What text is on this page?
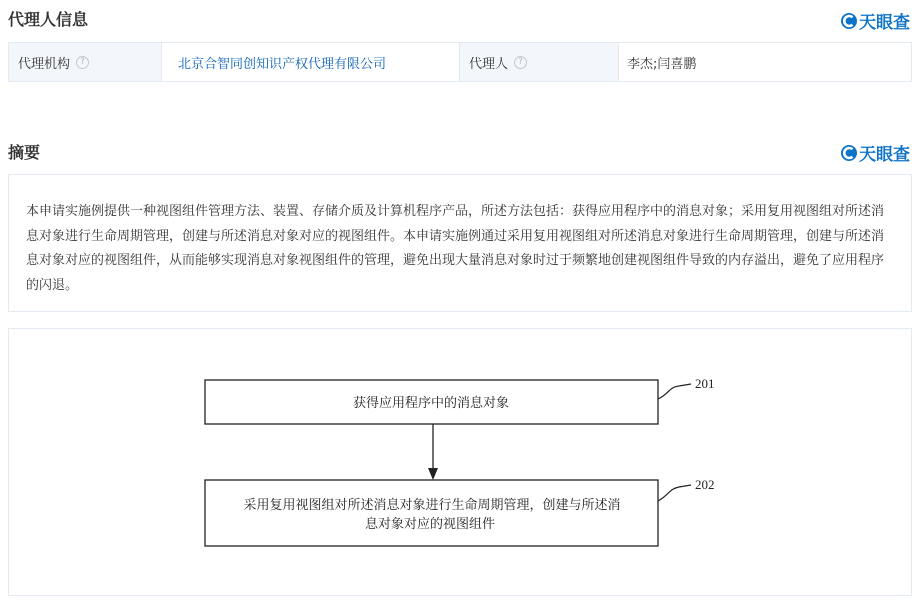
代理人信息	天眼查
代理机构	?	北京合智同创知识产权代理有限公司	代理人	?	李杰;闫喜鹏
摘要	天眼查

本申请实施例提供一种视图组件管理方法、装置、存储介质及计算机程序产品，所述方法包括：获得应用程序中的消息对象；采用复用视图组对所述消息对象进行生命周期管理，创建与所述消息对象对应的视图组件。本申请实施例通过采用复用视图组对所述消息对象进行生命周期管理，创建与所述消息对象对应的视图组件，从而能够实现消息对象视图组件的管理，避免出现大量消息对象时过于频繁地创建视图组件导致的内存溢出，避免了应用程序的闪退。

获得应用程序中的消息对象
201
采用复用视图组对所述消息对象进行生命周期管理，创建与所述消
息对象对应的视图组件
202
